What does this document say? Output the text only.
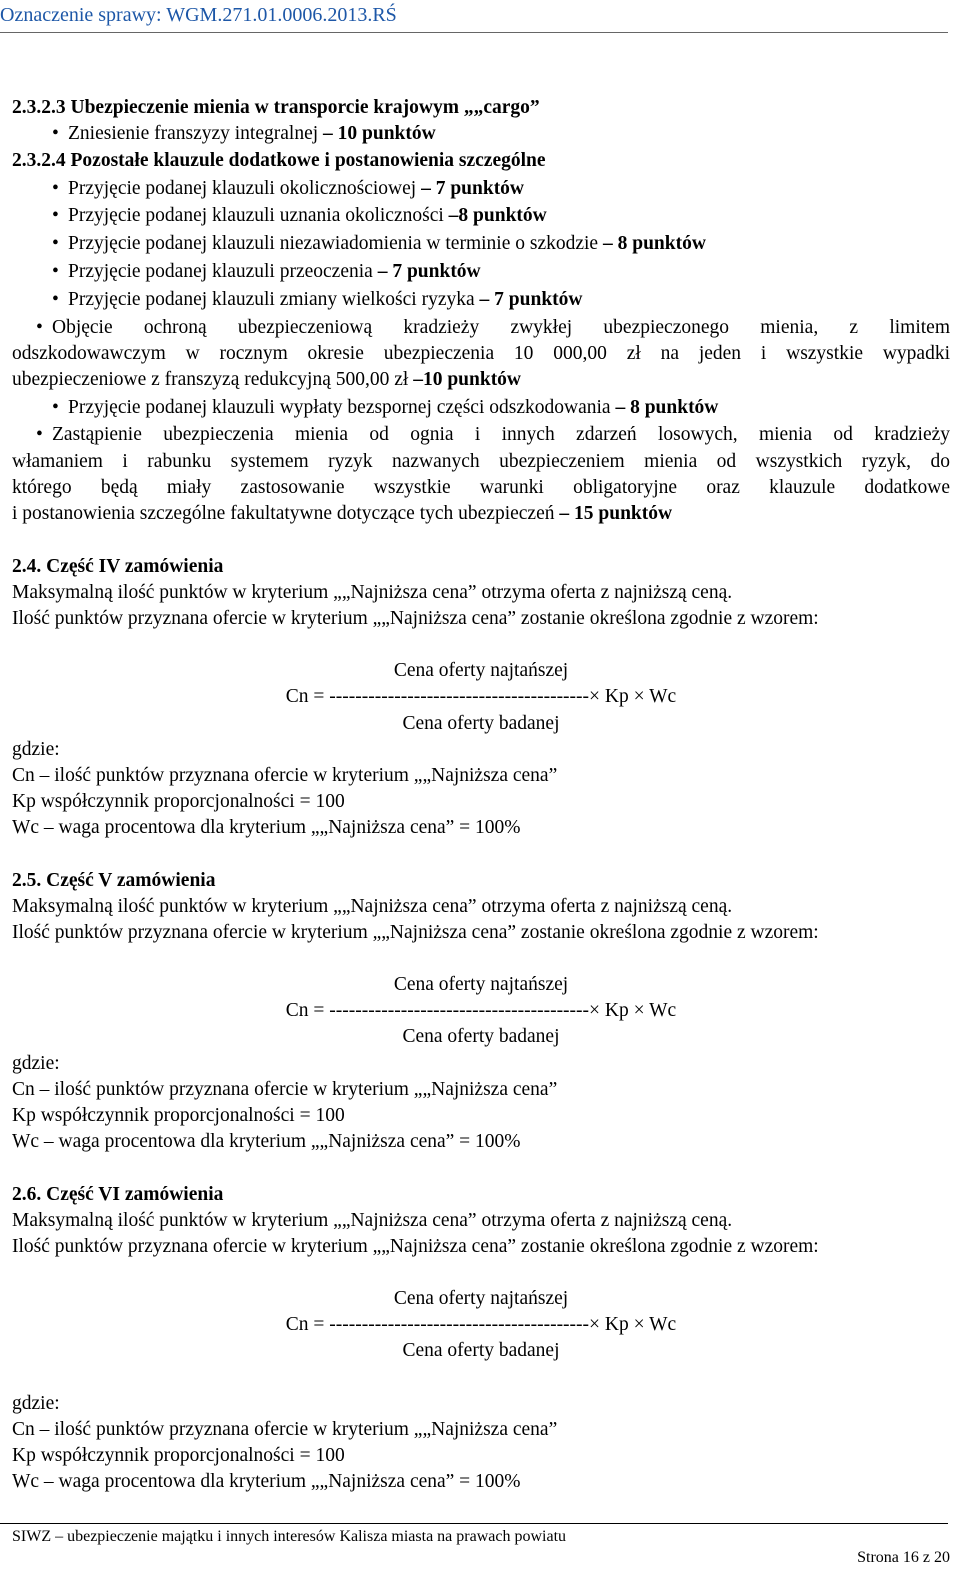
Oznaczenie sprawy: WGM.271.01.0006.2013.RŚ
2.3.2.3 Ubezpieczenie mienia w transporcie krajowym „„cargo”
• Zniesienie franszyzy integralnej – 10 punktów
2.3.2.4 Pozostałe klauzule dodatkowe i postanowienia szczególne
• Przyjęcie podanej klauzuli okolicznościowej – 7 punktów
• Przyjęcie podanej klauzuli uznania okoliczności –8 punktów
• Przyjęcie podanej klauzuli niezawiadomienia w terminie o szkodzie – 8 punktów
• Przyjęcie podanej klauzuli przeoczenia – 7 punktów
• Przyjęcie podanej klauzuli zmiany wielkości ryzyka – 7 punktów
• Objęcie ochroną ubezpieczeniową kradzieży zwykłej ubezpieczonego mienia, z limitem
odszkodowawczym w rocznym okresie ubezpieczenia 10 000,00 zł na jeden i wszystkie wypadki
ubezpieczeniowe z franszyzą redukcyjną 500,00 zł –10 punktów
• Przyjęcie podanej klauzuli wypłaty bezspornej części odszkodowania – 8 punktów
• Zastąpienie ubezpieczenia mienia od ognia i innych zdarzeń losowych, mienia od kradzieży
włamaniem i rabunku systemem ryzyk nazwanych ubezpieczeniem mienia od wszystkich ryzyk, do
którego będą miały zastosowanie wszystkie warunki obligatoryjne oraz klauzule dodatkowe
i postanowienia szczególne fakultatywne dotyczące tych ubezpieczeń – 15 punktów
2.4. Część IV zamówienia
Maksymalną ilość punktów w kryterium „„Najniższa cena” otrzyma oferta z najniższą ceną.
Ilość punktów przyznana ofercie w kryterium „„Najniższa cena” zostanie określona zgodnie z wzorem:
Cena oferty najtańszej
Cn = ----------------------------------------× Kp × Wc
Cena oferty badanej
gdzie:
Cn – ilość punktów przyznana ofercie w kryterium „„Najniższa cena”
Kp współczynnik proporcjonalności = 100
Wc – waga procentowa dla kryterium „„Najniższa cena” = 100%
2.5. Część V zamówienia
Maksymalną ilość punktów w kryterium „„Najniższa cena” otrzyma oferta z najniższą ceną.
Ilość punktów przyznana ofercie w kryterium „„Najniższa cena” zostanie określona zgodnie z wzorem:
Cena oferty najtańszej
Cn = ----------------------------------------× Kp × Wc
Cena oferty badanej
gdzie:
Cn – ilość punktów przyznana ofercie w kryterium „„Najniższa cena”
Kp współczynnik proporcjonalności = 100
Wc – waga procentowa dla kryterium „„Najniższa cena” = 100%
2.6. Część VI zamówienia
Maksymalną ilość punktów w kryterium „„Najniższa cena” otrzyma oferta z najniższą ceną.
Ilość punktów przyznana ofercie w kryterium „„Najniższa cena” zostanie określona zgodnie z wzorem:
Cena oferty najtańszej
Cn = ----------------------------------------× Kp × Wc
Cena oferty badanej
gdzie:
Cn – ilość punktów przyznana ofercie w kryterium „„Najniższa cena”
Kp współczynnik proporcjonalności = 100
Wc – waga procentowa dla kryterium „„Najniższa cena” = 100%
SIWZ – ubezpieczenie majątku i innych interesów Kalisza miasta na prawach powiatu
Strona 16 z 20
